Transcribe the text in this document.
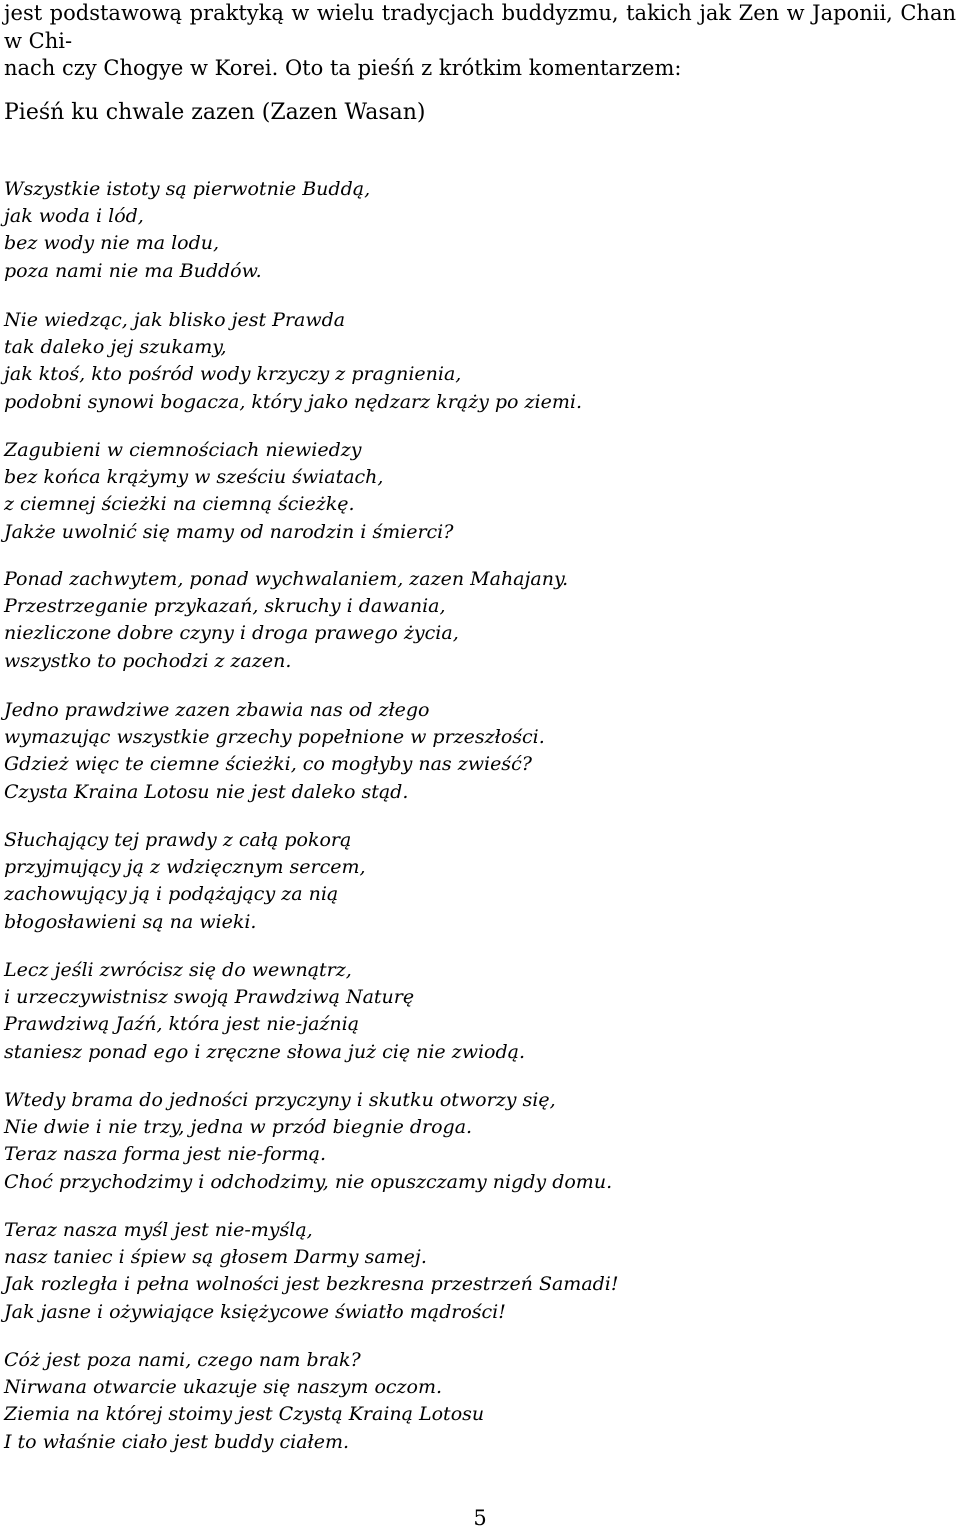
jest podstawową praktyką w wielu tradycjach buddyzmu, takich jak Zen w Japonii, Chan w Chi-
nach czy Chogye w Korei. Oto ta pieśń z krótkim komentarzem:

Pieśń ku chwale zazen (Zazen Wasan)
Wszystkie istoty są pierwotnie Buddą,
jak woda i lód,
bez wody nie ma lodu,
poza nami nie ma Buddów.
Nie wiedząc, jak blisko jest Prawda
tak daleko jej szukamy,
jak ktoś, kto pośród wody krzyczy z pragnienia,
podobni synowi bogacza, który jako nędzarz krąży po ziemi.
Zagubieni w ciemnościach niewiedzy
bez końca krążymy w sześciu światach,
z ciemnej ścieżki na ciemną ścieżkę.
Jakże uwolnić się mamy od narodzin i śmierci?
Ponad zachwytem, ponad wychwalaniem, zazen Mahajany.
Przestrzeganie przykazań, skruchy i dawania,
niezliczone dobre czyny i droga prawego życia,
wszystko to pochodzi z zazen.
Jedno prawdziwe zazen zbawia nas od złego
wymazując wszystkie grzechy popełnione w przeszłości.
Gdzież więc te ciemne ścieżki, co mogłyby nas zwieść?
Czysta Kraina Lotosu nie jest daleko stąd.
Słuchający tej prawdy z całą pokorą
przyjmujący ją z wdzięcznym sercem,
zachowujący ją i podążający za nią
błogosławieni są na wieki.
Lecz jeśli zwrócisz się do wewnątrz,
i urzeczywistnisz swoją Prawdziwą Naturę
Prawdziwą Jaźń, która jest nie-jaźnią
staniesz ponad ego i zręczne słowa już cię nie zwiodą.
Wtedy brama do jedności przyczyny i skutku otworzy się,
Nie dwie i nie trzy, jedna w przód biegnie droga.
Teraz nasza forma jest nie-formą.
Choć przychodzimy i odchodzimy, nie opuszczamy nigdy domu.
Teraz nasza myśl jest nie-myślą,
nasz taniec i śpiew są głosem Darmy samej.
Jak rozległa i pełna wolności jest bezkresna przestrzeń Samadi!
Jak jasne i ożywiające księżycowe światło mądrości!
Cóż jest poza nami, czego nam brak?
Nirwana otwarcie ukazuje się naszym oczom.
Ziemia na której stoimy jest Czystą Krainą Lotosu
I to właśnie ciało jest buddy ciałem.

5
